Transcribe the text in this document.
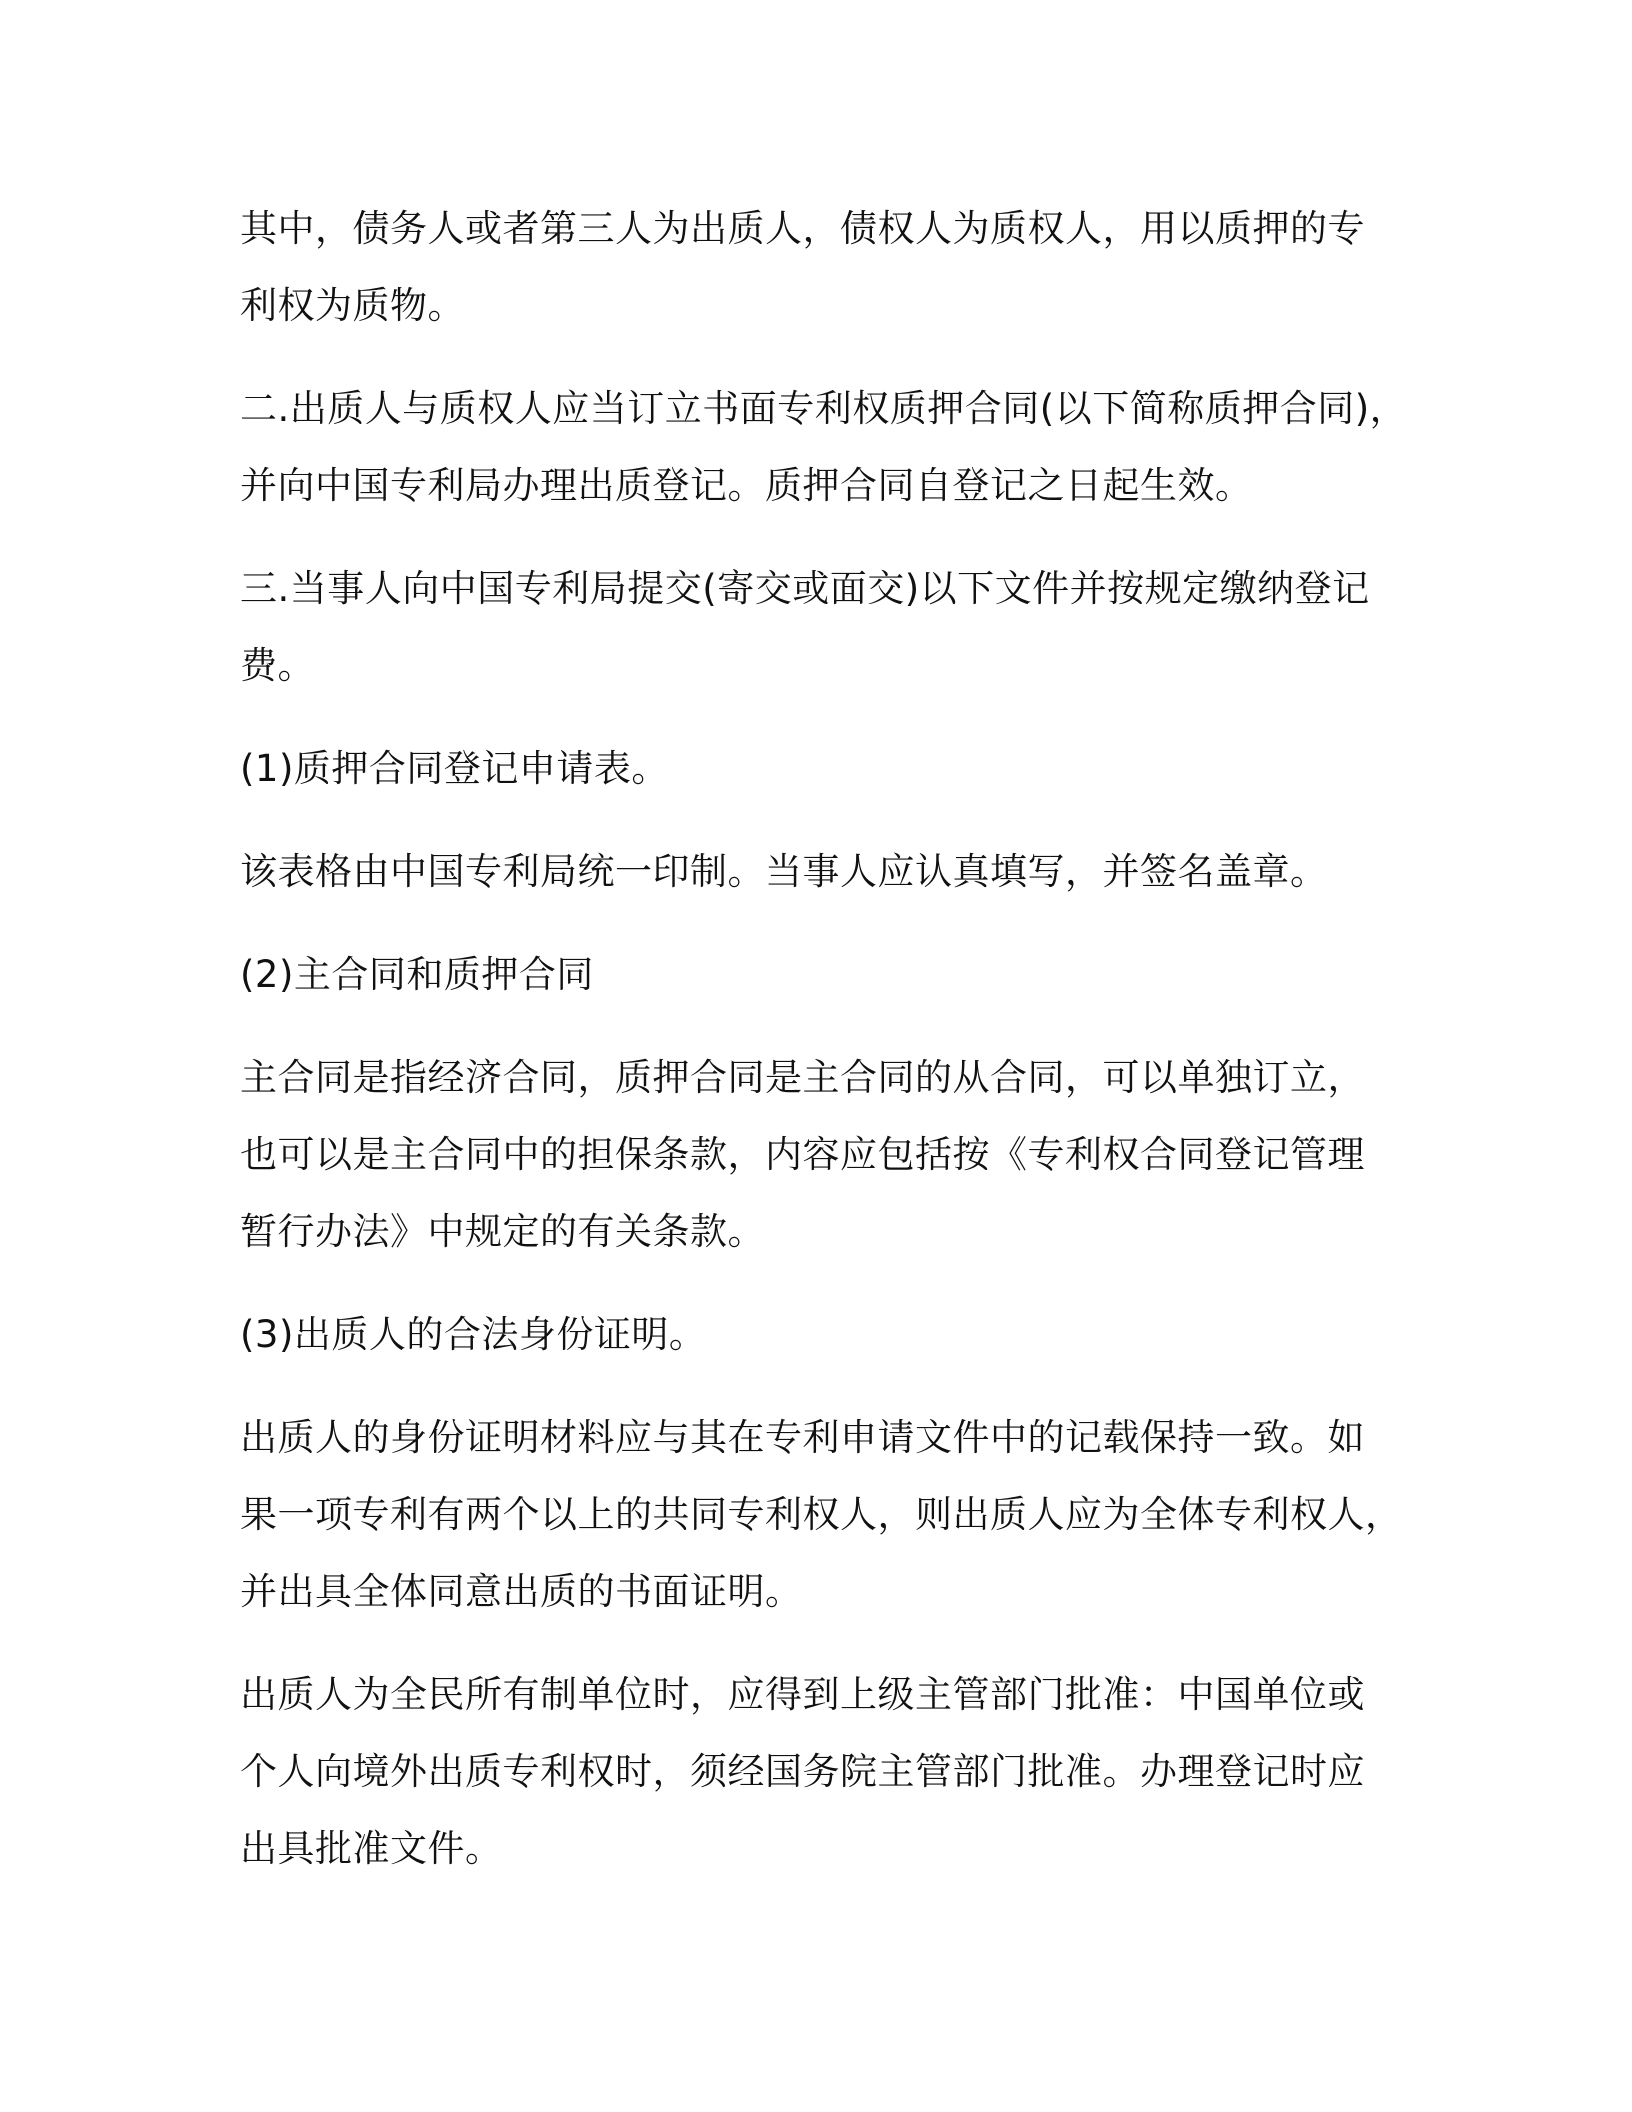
其中，债务人或者第三人为出质人，债权人为质权人，用以质押的专
利权为质物。

二.出质人与质权人应当订立书面专利权质押合同(以下简称质押合同)，
并向中国专利局办理出质登记。质押合同自登记之日起生效。

三.当事人向中国专利局提交(寄交或面交)以下文件并按规定缴纳登记
费。

(1)质押合同登记申请表。

该表格由中国专利局统一印制。当事人应认真填写，并签名盖章。

(2)主合同和质押合同

主合同是指经济合同，质押合同是主合同的从合同，可以单独订立，
也可以是主合同中的担保条款，内容应包括按《专利权合同登记管理
暂行办法》中规定的有关条款。

(3)出质人的合法身份证明。

出质人的身份证明材料应与其在专利申请文件中的记载保持一致。如
果一项专利有两个以上的共同专利权人，则出质人应为全体专利权人，
并出具全体同意出质的书面证明。

出质人为全民所有制单位时，应得到上级主管部门批准：中国单位或
个人向境外出质专利权时，须经国务院主管部门批准。办理登记时应
出具批准文件。
